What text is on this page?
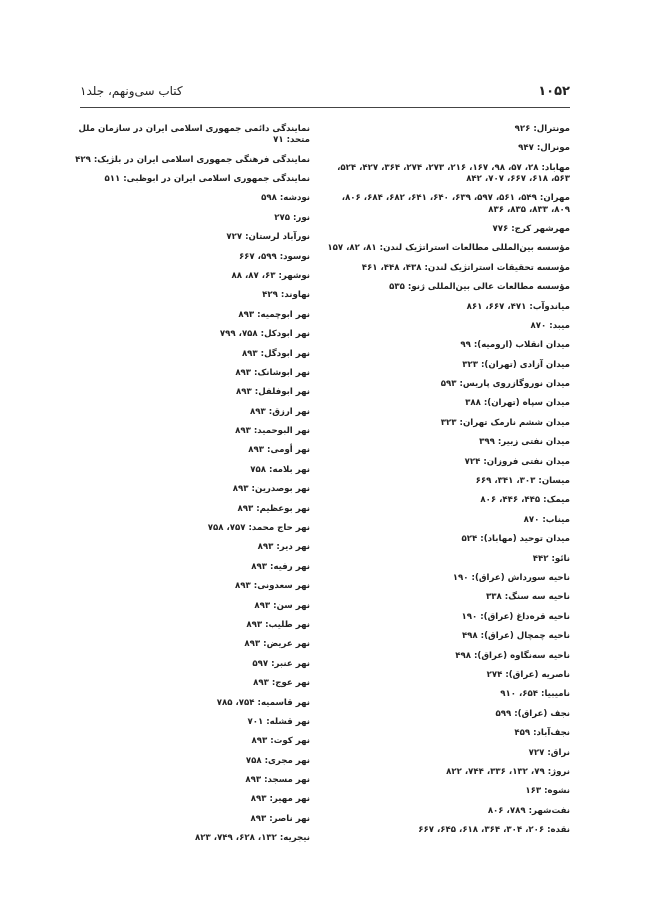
۱۰۵۲
کتاب سی‌ونهم، جلد۱
مونترال: ۹۲۶
مونرال: ۹۴۷
مهاباد: ۲۸، ۵۷، ۹۸، ۱۶۷، ۲۱۶، ۲۷۳، ۲۷۴، ۳۶۴، ۴۲۷، ۵۲۴، ۵۶۳، ۶۱۸، ۶۶۷، ۷۰۷، ۸۴۲
مهران: ۵۴۹، ۵۶۱، ۵۹۷، ۶۳۹، ۶۴۰، ۶۴۱، ۶۸۲، ۶۸۴، ۸۰۶، ۸۰۹، ۸۳۳، ۸۳۵، ۸۳۶
مهرشهر کرج: ۷۷۶
مؤسسه بین‌المللی مطالعات استراتژیک لندن: ۸۱، ۸۲، ۱۵۷
مؤسسه تحقیقات استراتژیک لندن: ۴۳۸، ۴۴۸، ۴۶۱
مؤسسه مطالعات عالی بین‌المللی ژنو: ۵۳۵
میاندوآب: ۴۷۱، ۶۶۷، ۸۶۱
میبد: ۸۷۰
میدان انقلاب (ارومیه): ۹۹
میدان آزادی (تهران): ۳۲۳
میدان نوروگازروی پاریس: ۵۹۳
میدان سپاه (تهران): ۳۸۸
میدان ششم نارمک تهران: ۳۲۳
میدان نفتی زبیر: ۳۹۹
میدان نفتی فروزان: ۷۲۴
میسان: ۳۰۳، ۳۴۱، ۶۶۹
میمک: ۴۴۵، ۴۴۶، ۸۰۶
میناب: ۸۷۰
میدان توحید (مهاباد): ۵۲۴
نائو: ۴۴۲
ناحیه سورداش (عراق): ۱۹۰
ناحیه سه سنگ: ۳۳۸
ناحیه قره‌داغ (عراق): ۱۹۰
ناحیه چمچال (عراق): ۴۹۸
ناحیه سه‌نگاوه (عراق): ۴۹۸
ناصریه (عراق): ۲۷۴
نامیبیا: ۶۵۴، ۹۱۰
نجف (عراق): ۵۹۹
نجف‌آباد: ۴۵۹
نراق: ۷۲۷
نروژ: ۷۹، ۱۳۲، ۳۳۶، ۷۴۴، ۸۲۲
نشوه: ۱۶۳
نفت‌شهر: ۷۸۹، ۸۰۶
نقده: ۲۰۶، ۳۰۴، ۳۶۴، ۶۱۸، ۶۴۵، ۶۶۷
نمایندگی دائمی جمهوری اسلامی ایران در سازمان ملل متحد: ۷۱
نمایندگی فرهنگی جمهوری اسلامی ایران در بلژیک: ۴۲۹
نمایندگی جمهوری اسلامی ایران در ابوظبی: ۵۱۱
نودشه: ۵۹۸
نور: ۲۷۵
نورآباد لرستان: ۷۲۷
نوسود: ۵۹۹، ۶۶۷
نوشهر: ۶۳، ۸۷، ۸۸
نهاوند: ۴۲۹
نهر ابوچمیه: ۸۹۳
نهر ابودکل: ۷۵۸، ۷۹۹
نهر ابودگل: ۸۹۳
نهر ابوشانک: ۸۹۳
نهر ابوفلفل: ۸۹۳
نهر ارزق: ۸۹۳
نهر البوحمید: ۸۹۳
نهر أومی: ۸۹۳
نهر بلامه: ۷۵۸
نهر بوصدرین: ۸۹۳
نهر بوعظیم: ۸۹۳
نهر حاج محمد: ۷۵۷، ۷۵۸
نهر دیر: ۸۹۳
نهر رفیه: ۸۹۳
نهر سعدونی: ۸۹۳
نهر سن: ۸۹۳
نهر طلیب: ۸۹۳
نهر عریض: ۸۹۳
نهر عنبر: ۵۹۷
نهر عوج: ۸۹۳
نهر قاسمیه: ۷۵۴، ۷۸۵
نهر قشله: ۷۰۱
نهر کوت: ۸۹۳
نهر مجری: ۷۵۸
نهر مسجد: ۸۹۳
نهر مهیر: ۸۹۳
نهر ناصر: ۸۹۳
نیجریه: ۱۳۲، ۶۲۸، ۷۴۹، ۸۲۳
